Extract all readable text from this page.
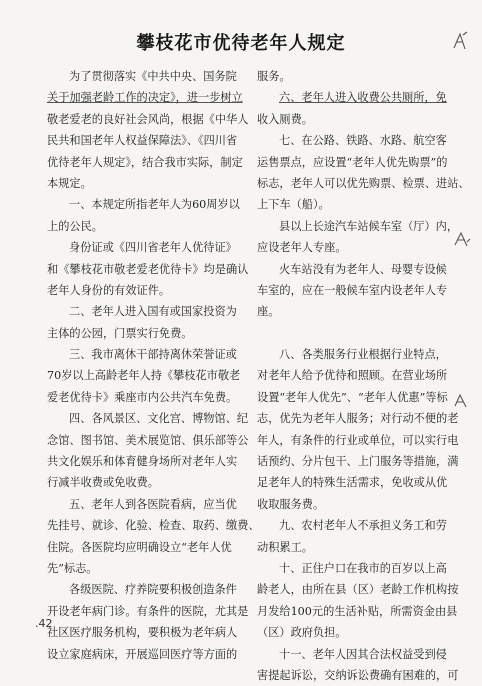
攀枝花市优待老年人规定
为了贯彻落实《中共中央、国务院
关于加强老龄工作的决定》，进一步树立
敬老爱老的良好社会风尚，根据《中华人
民共和国老年人权益保障法》、《四川省
优待老年人规定》，结合我市实际，制定
本规定。
一、本规定所指老年人为60周岁以
上的公民。
身份证或《四川省老年人优待证》
和《攀枝花市敬老爱老优待卡》均是确认
老年人身份的有效证件。
二、老年人进入国有或国家投资为
主体的公园，门票实行免费。
三、我市离休干部持离休荣誉证或
70岁以上高龄老年人持《攀枝花市敬老
爱老优待卡》乘座市内公共汽车免费。
四、各风景区、文化宫、博物馆、纪
念馆、图书馆、美术展览馆、俱乐部等公
共文化娱乐和体育健身场所对老年人实
行减半收费或免收费。
五、老年人到各医院看病，应当优
先挂号、就诊、化验、检查、取药、缴费、
住院。各医院均应明确设立“老年人优
先”标志。
各级医院、疗养院要积极创造条件
开设老年病门诊。有条件的医院，尤其是
社区医疗服务机构，要积极为老年病人
设立家庭病床，开展巡回医疗等方面的
服务。
六、老年人进入收费公共厕所，免
收入厕费。
七、在公路、铁路、水路、航空客
运售票点，应设置“老年人优先购票”的
标志，老年人可以优先购票、检票、进站、
上下车（船）。
县以上长途汽车站候车室（厅）内，
应设老年人专座。
火车站没有为老年人、母婴专设候
车室的，应在一般候车室内设老年人专
座。
八、各类服务行业根据行业特点，
对老年人给予优待和照顾。在营业场所
设置“老年人优先”、“老年人优惠”等标
志，优先为老年人服务；对行动不便的老
年人，有条件的行业或单位，可以实行电
话预约、分片包干、上门服务等措施，满
足老年人的特殊生活需求，免收或从优
收取服务费。
九、农村老年人不承担义务工和劳
动积累工。
十、正住户口在我市的百岁以上高
龄老人，由所在县（区）老龄工作机构按
月发给100元的生活补贴，所需资金由县
（区）政府负担。
十一、老年人因其合法权益受到侵
害提起诉讼，交纳诉讼费确有困难的，可
.42
